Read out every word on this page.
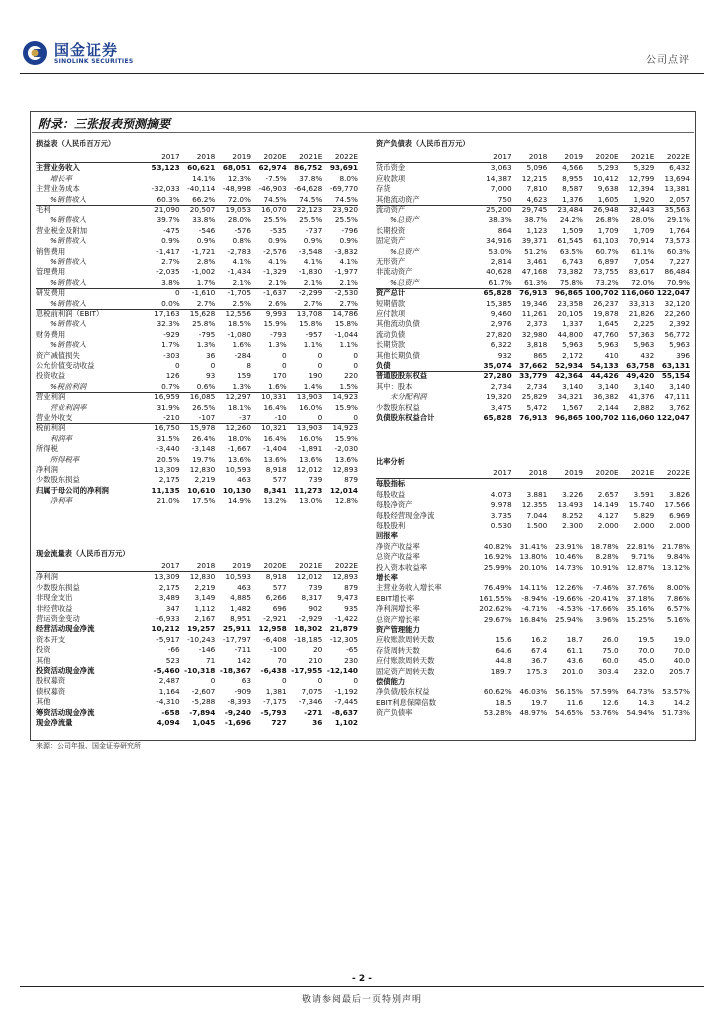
国金证券
SINOLINK SECURITIES	公司点评
附录：三张报表预测摘要
损益表（人民币百万元）
2017	2018	2019	2020E	2021E	2022E
主营业务收入	53,123	60,621	68,051	62,974	86,752	93,691
增长率	14.1%	12.3%	-7.5%	37.8%	8.0%
主营业务成本	-32,033	-40,114	-48,998	-46,903	-64,628	-69,770
%销售收入	60.3%	66.2%	72.0%	74.5%	74.5%	74.5%
毛利	21,090	20,507	19,053	16,070	22,123	23,920
%销售收入	39.7%	33.8%	28.0%	25.5%	25.5%	25.5%
营业税金及附加	-475	-546	-576	-535	-737	-796
%销售收入	0.9%	0.9%	0.8%	0.9%	0.9%	0.9%
销售费用	-1,417	-1,721	-2,783	-2,576	-3,548	-3,832
%销售收入	2.7%	2.8%	4.1%	4.1%	4.1%	4.1%
管理费用	-2,035	-1,002	-1,434	-1,329	-1,830	-1,977
%销售收入	3.8%	1.7%	2.1%	2.1%	2.1%	2.1%
研发费用	0	-1,610	-1,705	-1,637	-2,299	-2,530
%销售收入	0.0%	2.7%	2.5%	2.6%	2.7%	2.7%
息税前利润（EBIT）	17,163	15,628	12,556	9,993	13,708	14,786
%销售收入	32.3%	25.8%	18.5%	15.9%	15.8%	15.8%
财务费用	-929	-795	-1,080	-793	-957	-1,044
%销售收入	1.7%	1.3%	1.6%	1.3%	1.1%	1.1%
资产减值损失	-303	36	-284	0	0	0
公允价值变动收益	0	0	8	0	0	0
投资收益	126	93	159	170	190	220
%税前利润	0.7%	0.6%	1.3%	1.6%	1.4%	1.5%
营业利润	16,959	16,085	12,297	10,331	13,903	14,923
营业利润率	31.9%	26.5%	18.1%	16.4%	16.0%	15.9%
营业外收支	-210	-107	-37	-10	0	0
税前利润	16,750	15,978	12,260	10,321	13,903	14,923
利润率	31.5%	26.4%	18.0%	16.4%	16.0%	15.9%
所得税	-3,440	-3,148	-1,667	-1,404	-1,891	-2,030
所得税率	20.5%	19.7%	13.6%	13.6%	13.6%	13.6%
净利润	13,309	12,830	10,593	8,918	12,012	12,893
少数股东损益	2,175	2,219	463	577	739	879
归属于母公司的净利润	11,135	10,610	10,130	8,341	11,273	12,014
净利率	21.0%	17.5%	14.9%	13.2%	13.0%	12.8%
资产负债表（人民币百万元）
2017	2018	2019	2020E	2021E	2022E
货币资金	3,063	5,096	4,566	5,293	5,329	6,432
应收款项	14,387	12,215	8,955	10,412	12,799	13,694
存货	7,000	7,810	8,587	9,638	12,394	13,381
其他流动资产	750	4,623	1,376	1,605	1,920	2,057
流动资产	25,200	29,745	23,484	26,948	32,443	35,563
%总资产	38.3%	38.7%	24.2%	26.8%	28.0%	29.1%
长期投资	864	1,123	1,509	1,709	1,709	1,764
固定资产	34,916	39,371	61,545	61,103	70,914	73,573
%总资产	53.0%	51.2%	63.5%	60.7%	61.1%	60.3%
无形资产	2,814	3,461	6,743	6,897	7,054	7,227
非流动资产	40,628	47,168	73,382	73,755	83,617	86,484
%总资产	61.7%	61.3%	75.8%	73.2%	72.0%	70.9%
资产总计	65,828	76,913	96,865 100,702 116,060 122,047
短期借款	15,385	19,346	23,358	26,237	33,313	32,120
应付款项	9,460	11,261	20,105	19,878	21,826	22,260
其他流动负债	2,976	2,373	1,337	1,645	2,225	2,392
流动负债	27,820	32,980	44,800	47,760	57,363	56,772
长期贷款	6,322	3,818	5,963	5,963	5,963	5,963
其他长期负债	932	865	2,172	410	432	396
负债	35,074	37,662	52,934	54,133	63,758	63,131
普通股股东权益	27,280	33,779	42,364	44,426	49,420	55,154
其中：股本	2,734	2,734	3,140	3,140	3,140	3,140
未分配利润	19,320	25,829	34,321	36,382	41,376	47,111
少数股东权益	3,475	5,472	1,567	2,144	2,882	3,762
负债股东权益合计	65,828	76,913	96,865 100,702 116,060 122,047
比率分析
2017	2018	2019	2020E	2021E	2022E
每股指标
每股收益	4.073	3.881	3.226	2.657	3.591	3.826
每股净资产	9.978	12.355	13.493	14.149	15.740	17.566
每股经营现金净流	3.735	7.044	8.252	4.127	5.829	6.969
每股股利	0.530	1.500	2.300	2.000	2.000	2.000
回报率
净资产收益率	40.82%	31.41%	23.91%	18.78%	22.81%	21.78%
总资产收益率	16.92%	13.80%	10.46%	8.28%	9.71%	9.84%
投入资本收益率	25.99%	20.10%	14.73%	10.91%	12.87%	13.12%
增长率
主营业务收入增长率	76.49%	14.11%	12.26%	-7.46%	37.76%	8.00%
EBIT增长率	161.55%	-8.94% -19.66% -20.41%	37.18%	7.86%
净利润增长率	202.62%	-4.71%	-4.53% -17.66%	35.16%	6.57%
总资产增长率	29.67%	16.84%	25.94%	3.96%	15.25%	5.16%
资产管理能力
应收账款周转天数	15.6	16.2	18.7	26.0	19.5	19.0
存货周转天数	64.6	67.4	61.1	75.0	70.0	70.0
应付账款周转天数	44.8	36.7	43.6	60.0	45.0	40.0
固定资产周转天数	189.7	175.3	201.0	303.4	232.0	205.7
偿债能力
净负债/股东权益	60.62%	46.03%	56.15%	57.59%	64.73%	53.57%
EBIT利息保障倍数	18.5	19.7	11.6	12.6	14.3	14.2
资产负债率	53.28%	48.97%	54.65%	53.76%	54.94%	51.73%
现金流量表（人民币百万元）
2017	2018	2019	2020E	2021E	2022E
净利润	13,309	12,830	10,593	8,918	12,012	12,893
少数股东损益	2,175	2,219	463	577	739	879
非现金支出	3,489	3,149	4,885	6,266	8,317	9,473
非经营收益	347	1,112	1,482	696	902	935
营运资金变动	-6,933	2,167	8,951	-2,921	-2,929	-1,422
经营活动现金净流	10,212	19,257	25,911	12,958	18,302	21,879
资本开支	-5,917	-10,243	-17,797	-6,408	-18,185	-12,305
投资	-66	-146	-711	-100	20	-65
其他	523	71	142	70	210	230
投资活动现金净流	-5,460 -10,318 -18,367	-6,438 -17,955 -12,140
股权募资	2,487	0	63	0	0	0
债权募资	1,164	-2,607	-909	1,381	7,075	-1,192
其他	-4,310	-5,288	-8,393	-7,175	-7,346	-7,445
筹资活动现金净流	-658	-7,894	-9,240	-5,793	-271	-8,637
现金净流量	4,094	1,045	-1,696	727	36	1,102
来源：公司年报、国金证券研究所
- 2 -
敬请参阅最后一页特别声明
